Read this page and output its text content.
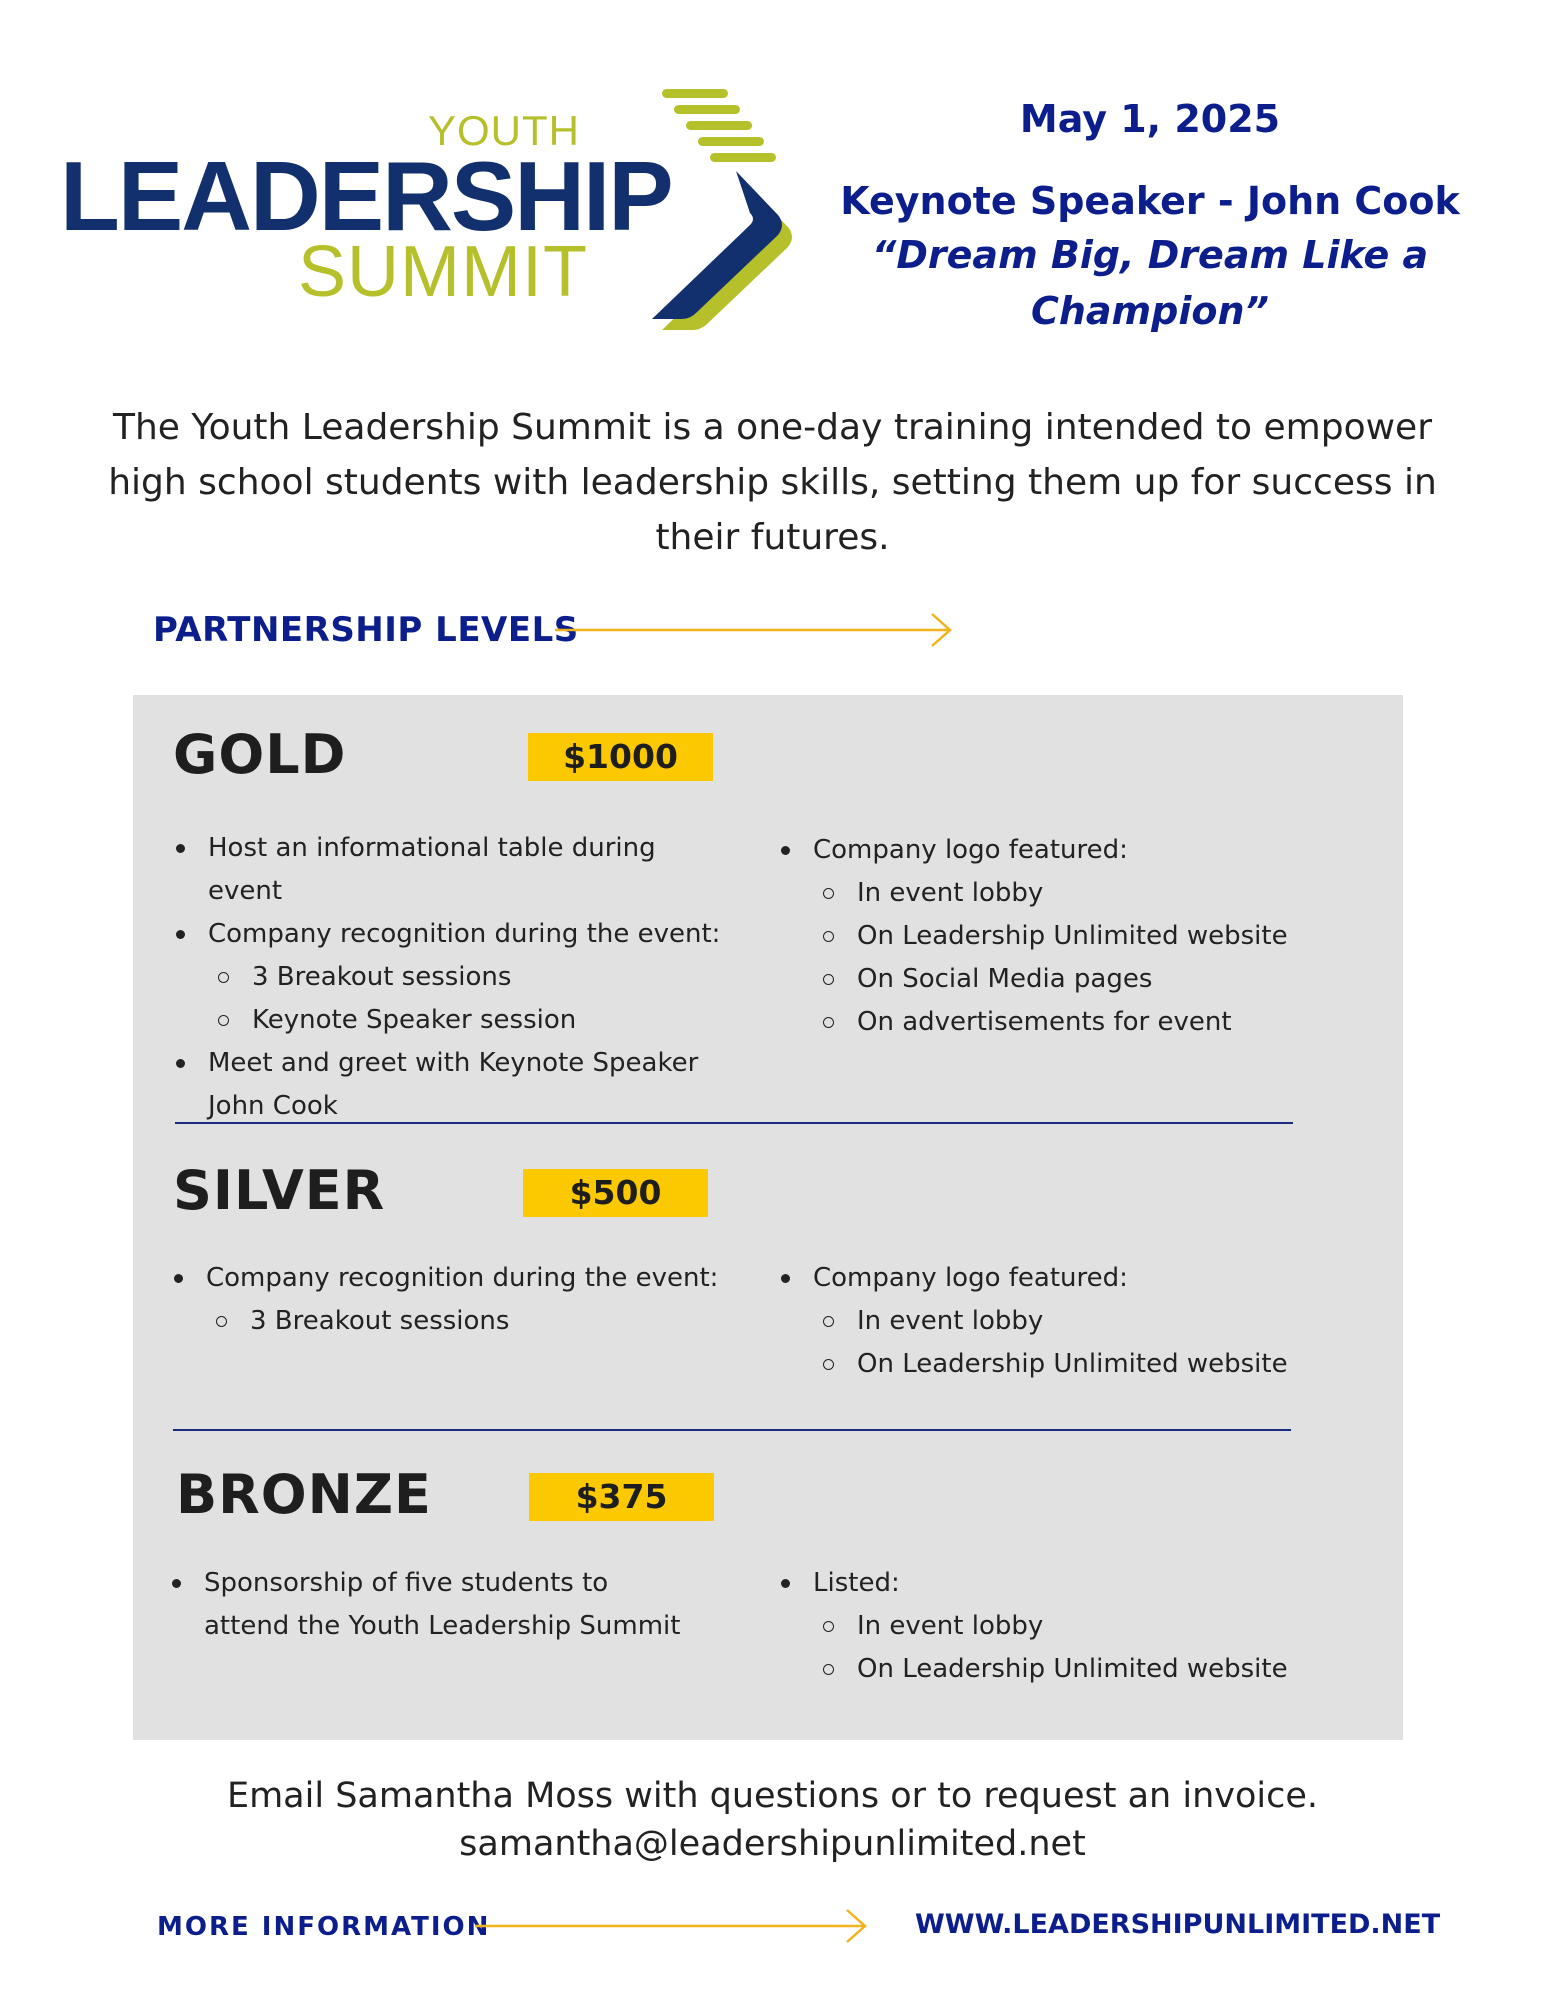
YOUTH
LEADERSHIP
SUMMIT
May 1, 2025
Keynote Speaker - John Cook
“Dream Big, Dream Like a Champion”

The Youth Leadership Summit is a one-day training intended to empower high school students with leadership skills, setting them up for success in their futures.

PARTNERSHIP LEVELS
GOLD	$1000
Host an informational table during event
Company recognition during the event:
3 Breakout sessions
Keynote Speaker session
Meet and greet with Keynote Speaker John Cook
Company logo featured:
In event lobby
On Leadership Unlimited website
On Social Media pages
On advertisements for event
SILVER	$500
Company recognition during the event:
3 Breakout sessions
Company logo featured:
In event lobby
On Leadership Unlimited website
BRONZE	$375
Sponsorship of five students to attend the Youth Leadership Summit
Listed:
In event lobby
On Leadership Unlimited website
Email Samantha Moss with questions or to request an invoice.
samantha@leadershipunlimited.net
MORE INFORMATION	WWW.LEADERSHIPUNLIMITED.NET
